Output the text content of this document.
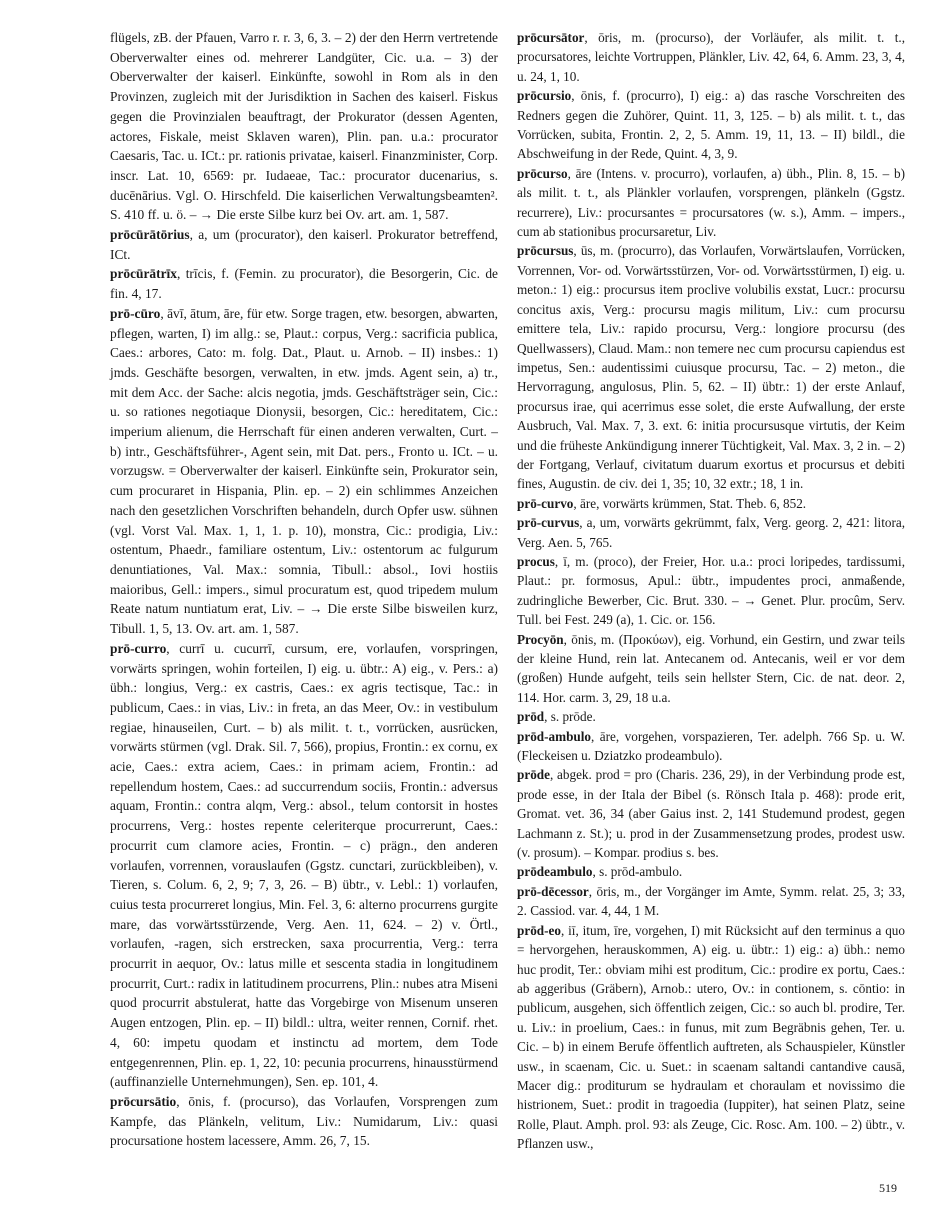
flügels, zB. der Pfauen, Varro r. r. 3, 6, 3. – 2) der den Herrn vertretende Oberverwalter eines od. mehrerer Landgüter, Cic. u.a. – 3) der Oberverwalter der kaiserl. Einkünfte, sowohl in Rom als in den Provinzen, zugleich mit der Jurisdiktion in Sachen des kaiserl. Fiskus gegen die Provinzialen beauftragt, der Prokurator (dessen Agenten, actores, Fiskale, meist Sklaven waren), Plin. pan. u.a.: procurator Caesaris, Tac. u. ICt.: pr. rationis privatae, kaiserl. Finanzminister, Corp. inscr. Lat. 10, 6569: pr. Iudaeae, Tac.: procurator ducenarius, s. ducēnārius. Vgl. O. Hirschfeld. Die kaiserlichen Verwaltungsbeamten². S. 410 ff. u. ö. – → Die erste Silbe kurz bei Ov. art. am. 1, 587.

prōcūrātōrius, a, um (procurator), den kaiserl. Prokurator betreffend, ICt.

prōcūrātrīx, trīcis, f. (Femin. zu procurator), die Besorgerin, Cic. de fin. 4, 17.

prō-cūro, āvī, ātum, āre, für etw. Sorge tragen, etw. besorgen, abwarten, pflegen, warten, I) im allg.: se, Plaut.: corpus, Verg.: sacrificia publica, Caes.: arbores, Cato: m. folg. Dat., Plaut. u. Arnob. – II) insbes.: 1) jmds. Geschäfte besorgen, verwalten, in etw. jmds. Agent sein, a) tr., mit dem Acc. der Sache: alcis negotia, jmds. Geschäftsträger sein, Cic.: u. so rationes negotiaque Dionysii, besorgen, Cic.: hereditatem, Cic.: imperium alienum, die Herrschaft für einen anderen verwalten, Curt. – b) intr., Geschäftsführer-, Agent sein, mit Dat. pers., Fronto u. ICt. – u. vorzugsw. = Oberverwalter der kaiserl. Einkünfte sein, Prokurator sein, cum procuraret in Hispania, Plin. ep. – 2) ein schlimmes Anzeichen nach den gesetzlichen Vorschriften behandeln, durch Opfer usw. sühnen (vgl. Vorst Val. Max. 1, 1, 1. p. 10), monstra, Cic.: prodigia, Liv.: ostentum, Phaedr., familiare ostentum, Liv.: ostentorum ac fulgurum denuntiationes, Val. Max.: somnia, Tibull.: absol., Iovi hostiis maioribus, Gell.: impers., simul procuratum est, quod tripedem mulum Reate natum nuntiatum erat, Liv. – → Die erste Silbe bisweilen kurz, Tibull. 1, 5, 13. Ov. art. am. 1, 587.

prō-curro, currī u. cucurrī, cursum, ere, vorlaufen, vorspringen, vorwärts springen, wohin forteilen, I) eig. u. übtr.: A) eig., v. Pers.: a) übh.: longius, Verg.: ex castris, Caes.: ex agris tectisque, Tac.: in publicum, Caes.: in vias, Liv.: in freta, an das Meer, Ov.: in vestibulum regiae, hinauseilen, Curt. – b) als milit. t. t., vorrücken, ausrücken, vorwärts stürmen (vgl. Drak. Sil. 7, 566), propius, Frontin.: ex cornu, ex acie, Caes.: extra aciem, Caes.: in primam aciem, Frontin.: ad repellendum hostem, Caes.: ad succurrendum sociis, Frontin.: adversus aquam, Frontin.: contra alqm, Verg.: absol., telum contorsit in hostes procurrens, Verg.: hostes repente celeriterque procurrerunt, Caes.: procurrit cum clamore acies, Frontin. – c) prägn., den anderen vorlaufen, vorrennen, vorauslaufen (Ggstz. cunctari, zurückbleiben), v. Tieren, s. Colum. 6, 2, 9; 7, 3, 26. – B) übtr., v. Lebl.: 1) vorlaufen, cuius testa procurreret longius, Min. Fel. 3, 6: alterno procurrens gurgite mare, das vorwärtsstürzende, Verg. Aen. 11, 624. – 2) v. Örtl., vorlaufen, -ragen, sich erstrecken, saxa procurrentia, Verg.: terra procurrit in aequor, Ov.: latus mille et sescenta stadia in longitudinem procurrit, Curt.: radix in latitudinem procurrens, Plin.: nubes atra Miseni quod procurrit abstulerat, hatte das Vorgebirge von Misenum unseren Augen entzogen, Plin. ep. – II) bildl.: ultra, weiter rennen, Cornif. rhet. 4, 60: impetu quodam et instinctu ad mortem, dem Tode entgegenrennen, Plin. ep. 1, 22, 10: pecunia procurrens, hinausstürmend (auffinanzielle Unternehmungen), Sen. ep. 101, 4.

prōcursātio, ōnis, f. (procurso), das Vorlaufen, Vorsprengen zum Kampfe, das Plänkeln, velitum, Liv.: Numidarum, Liv.: quasi procursatione hostem lacessere, Amm. 26, 7, 15.

prōcursātor, ōris, m. (procurso), der Vorläufer, als milit. t. t., procursatores, leichte Vortruppen, Plänkler, Liv. 42, 64, 6. Amm. 23, 3, 4, u. 24, 1, 10.

prōcursio, ōnis, f. (procurro), I) eig.: a) das rasche Vorschreiten des Redners gegen die Zuhörer, Quint. 11, 3, 125. – b) als milit. t. t., das Vorrücken, subita, Frontin. 2, 2, 5. Amm. 19, 11, 13. – II) bildl., die Abschweifung in der Rede, Quint. 4, 3, 9.

prōcurso, āre (Intens. v. procurro), vorlaufen, a) übh., Plin. 8, 15. – b) als milit. t. t., als Plänkler vorlaufen, vorsprengen, plänkeln (Ggstz. recurrere), Liv.: procursantes = procursatores (w. s.), Amm. – impers., cum ab stationibus procursaretur, Liv.

prōcursus, ūs, m. (procurro), das Vorlaufen, Vorwärtslaufen, Vorrücken, Vorrennen, Vor- od. Vorwärtsstürzen, Vor- od. Vorwärtsstürmen, I) eig. u. meton.: 1) eig.: procursus item proclive volubilis exstat, Lucr.: procursu concitus axis, Verg.: procursu magis militum, Liv.: cum procursu emittere tela, Liv.: rapido procursu, Verg.: longiore procursu (des Quellwassers), Claud. Mam.: non temere nec cum procursu capiendus est impetus, Sen.: audentissimi cuiusque procursu, Tac. – 2) meton., die Hervorragung, angulosus, Plin. 5, 62. – II) übtr.: 1) der erste Anlauf, procursus irae, qui acerrimus esse solet, die erste Aufwallung, der erste Ausbruch, Val. Max. 7, 3. ext. 6: initia procursusque virtutis, der Keim und die früheste Ankündigung innerer Tüchtigkeit, Val. Max. 3, 2 in. – 2) der Fortgang, Verlauf, civitatum duarum exortus et procursus et debiti fines, Augustin. de civ. dei 1, 35; 10, 32 extr.; 18, 1 in.

prō-curvo, āre, vorwärts krümmen, Stat. Theb. 6, 852.

prō-curvus, a, um, vorwärts gekrümmt, falx, Verg. georg. 2, 421: litora, Verg. Aen. 5, 765.

procus, ī, m. (proco), der Freier, Hor. u.a.: proci loripedes, tardissumi, Plaut.: pr. formosus, Apul.: übtr., impudentes proci, anmaßende, zudringliche Bewerber, Cic. Brut. 330. – → Genet. Plur. procûm, Serv. Tull. bei Fest. 249 (a), 1. Cic. or. 156.

Procyōn, ōnis, m. (Προκύων), eig. Vorhund, ein Gestirn, und zwar teils der kleine Hund, rein lat. Antecanem od. Antecanis, weil er vor dem (großen) Hunde aufgeht, teils sein hellster Stern, Cic. de nat. deor. 2, 114. Hor. carm. 3, 29, 18 u.a.

prōd, s. prōde.

prōd-ambulo, āre, vorgehen, vorspazieren, Ter. adelph. 766 Sp. u. W. (Fleckeisen u. Dziatzko prodeambulo).

prōde, abgek. prod = pro (Charis. 236, 29), in der Verbindung prode est, prode esse, in der Itala der Bibel (s. Rönsch Itala p. 468): prode erit, Gromat. vet. 36, 34 (aber Gaius inst. 2, 141 Studemund prodest, gegen Lachmann z. St.); u. prod in der Zusammensetzung prodes, prodest usw. (v. prosum). – Kompar. prodius s. bes.

prōdeambulo, s. prōd-ambulo.

prō-dēcessor, ōris, m., der Vorgänger im Amte, Symm. relat. 25, 3; 33, 2. Cassiod. var. 4, 44, 1 M.

prōd-eo, iī, itum, īre, vorgehen, I) mit Rücksicht auf den terminus a quo = hervorgehen, herauskommen, A) eig. u. übtr.: 1) eig.: a) übh.: nemo huc prodit, Ter.: obviam mihi est proditum, Cic.: prodire ex portu, Caes.: ab aggeribus (Gräbern), Arnob.: utero, Ov.: in contionem, s. cōntio: in publicum, ausgehen, sich öffentlich zeigen, Cic.: so auch bl. prodire, Ter. u. Liv.: in proelium, Caes.: in funus, mit zum Begräbnis gehen, Ter. u. Cic. – b) in einem Berufe öffentlich auftreten, als Schauspieler, Künstler usw., in scaenam, Cic. u. Suet.: in scaenam saltandi cantandive causā, Macer dig.: proditurum se hydraulam et choraulam et novissimo die histrionem, Suet.: prodit in tragoedia (Iuppiter), hat seinen Platz, seine Rolle, Plaut. Amph. prol. 93: als Zeuge, Cic. Rosc. Am. 100. – 2) übtr., v. Pflanzen usw.,

519
